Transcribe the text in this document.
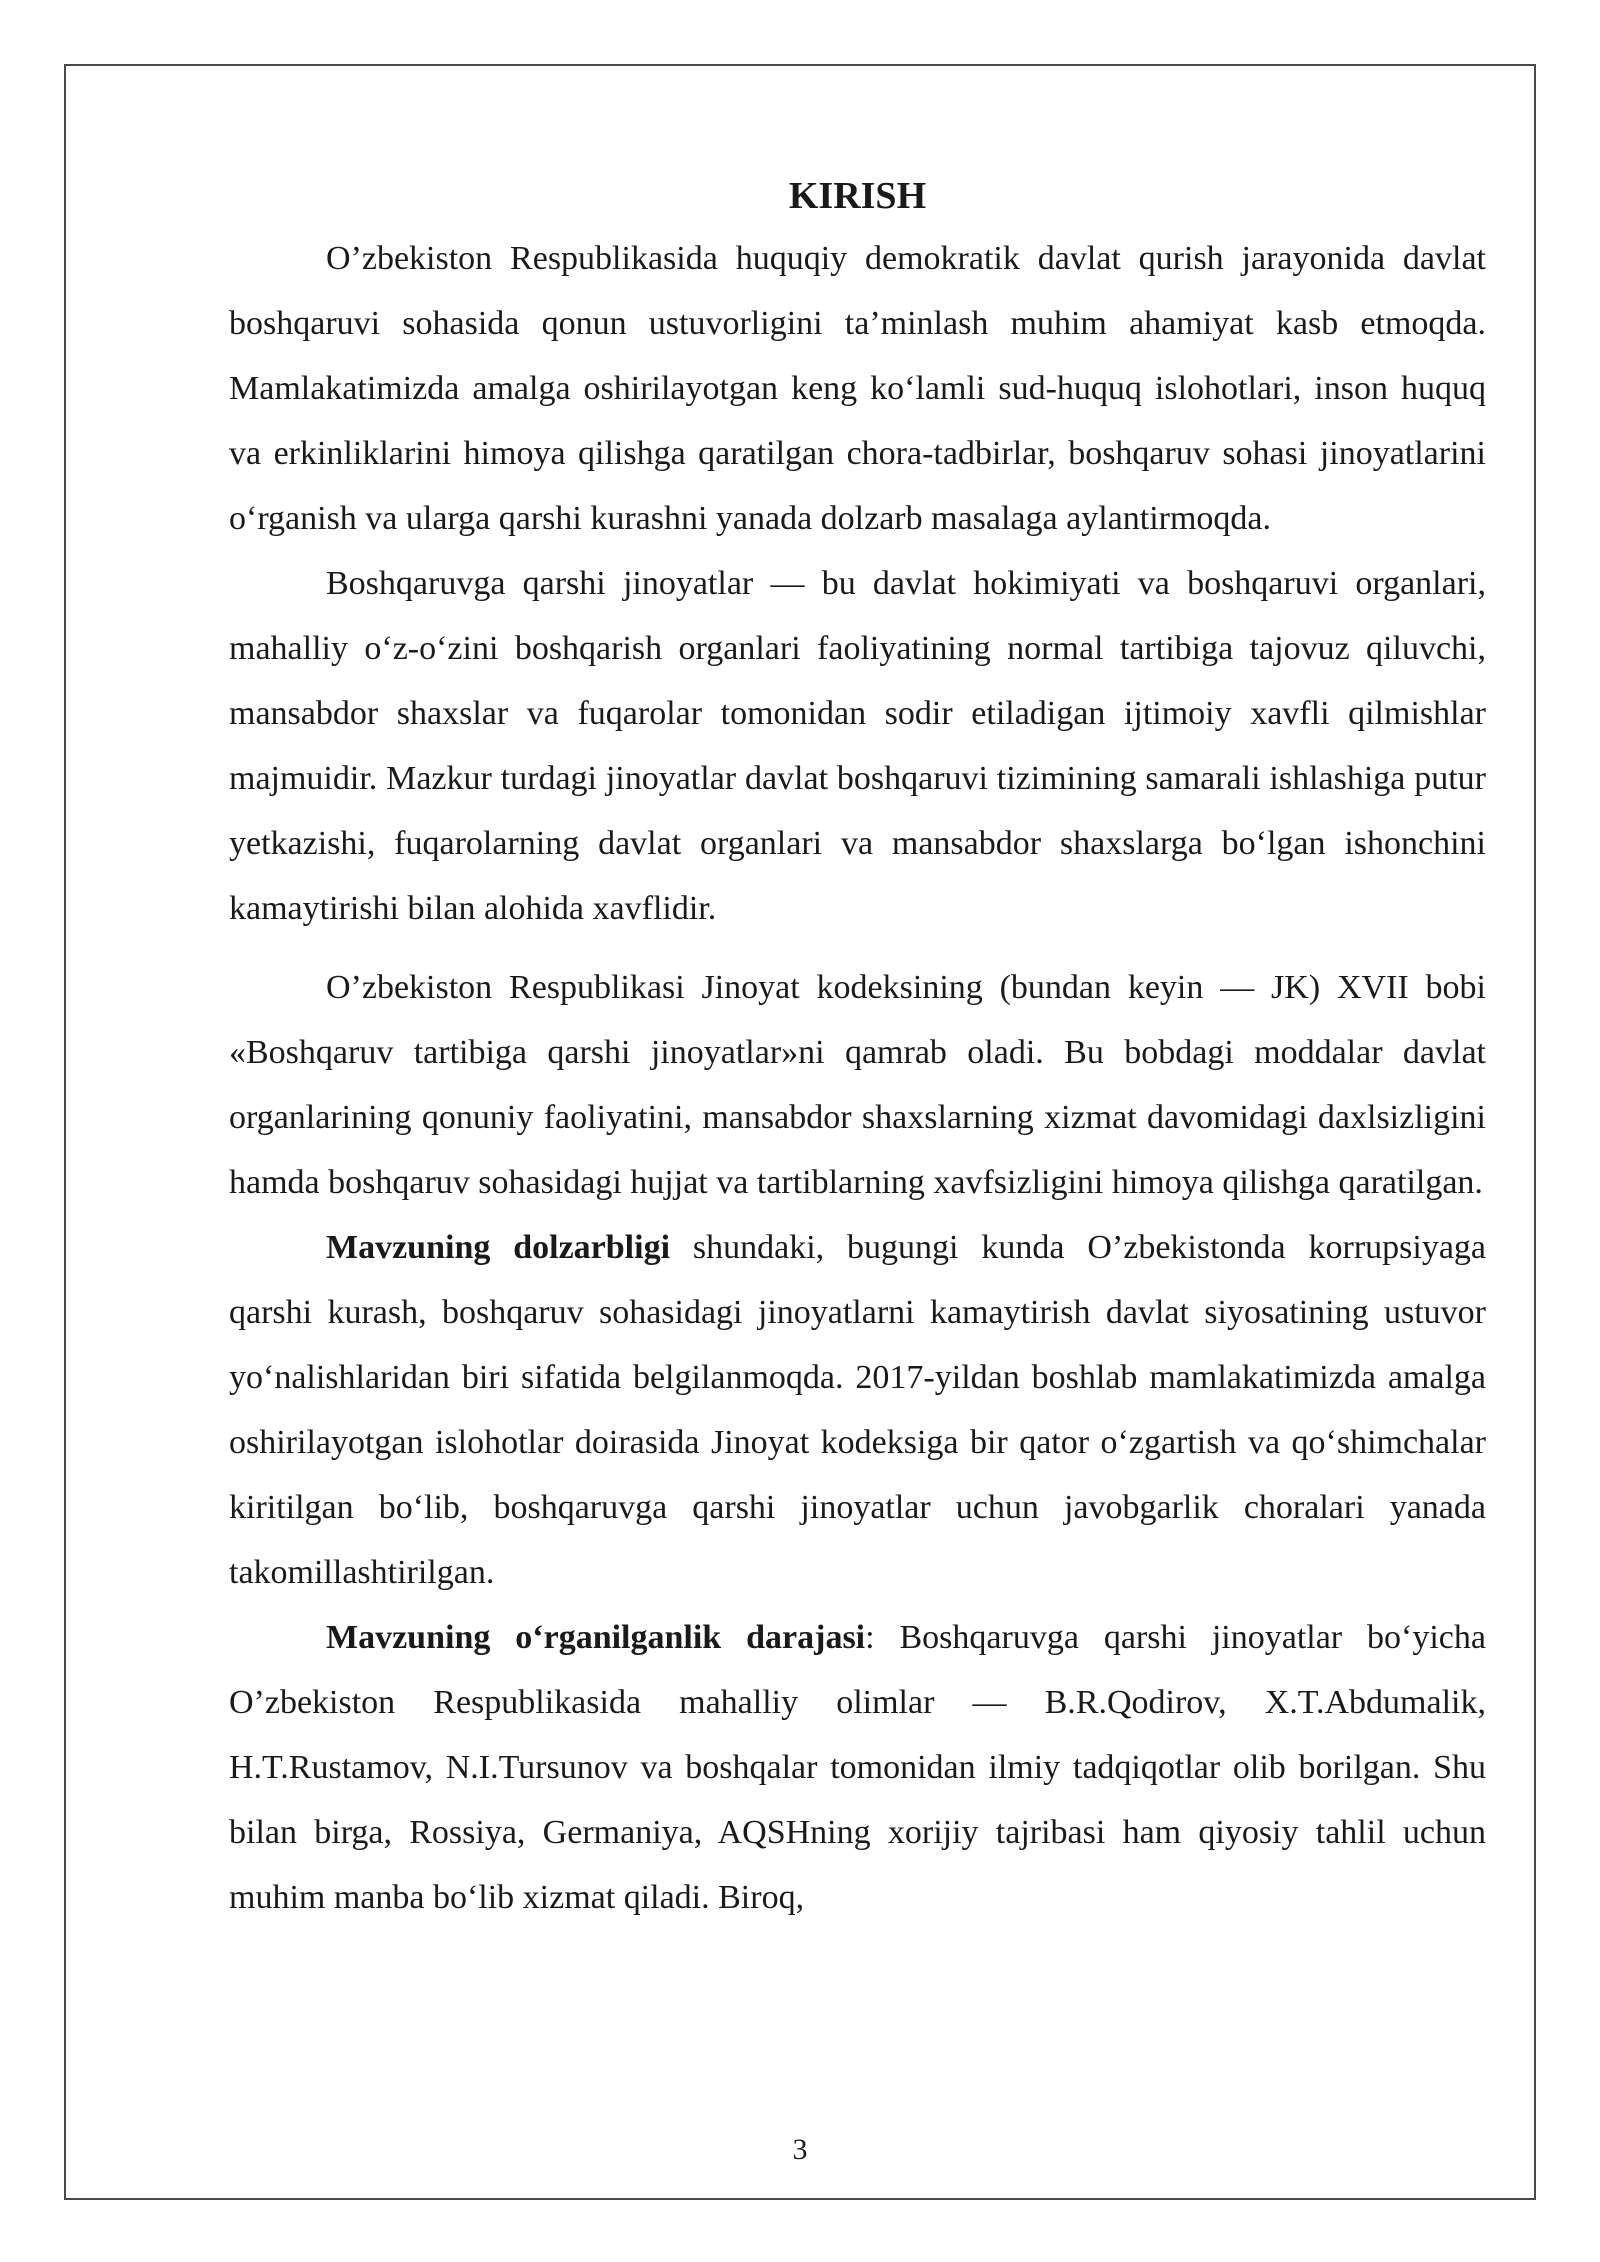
KIRISH

O’zbekiston Respublikasida huquqiy demokratik davlat qurish jarayonida davlat boshqaruvi sohasida qonun ustuvorligini ta’minlash muhim ahamiyat kasb etmoqda. Mamlakatimizda amalga oshirilayotgan keng ko‘lamli sud-huquq islohotlari, inson huquq va erkinliklarini himoya qilishga qaratilgan chora-tadbirlar, boshqaruv sohasi jinoyatlarini o‘rganish va ularga qarshi kurashni yanada dolzarb masalaga aylantirmoqda.

Boshqaruvga qarshi jinoyatlar — bu davlat hokimiyati va boshqaruvi organlari, mahalliy o‘z-o‘zini boshqarish organlari faoliyatining normal tartibiga tajovuz qiluvchi, mansabdor shaxslar va fuqarolar tomonidan sodir etiladigan ijtimoiy xavfli qilmishlar majmuidir. Mazkur turdagi jinoyatlar davlat boshqaruvi tizimining samarali ishlashiga putur yetkazishi, fuqarolarning davlat organlari va mansabdor shaxslarga bo‘lgan ishonchini kamaytirishi bilan alohida xavflidir.

O’zbekiston Respublikasi Jinoyat kodeksining (bundan keyin — JK) XVII bobi «Boshqaruv tartibiga qarshi jinoyatlar»ni qamrab oladi. Bu bobdagi moddalar davlat organlarining qonuniy faoliyatini, mansabdor shaxslarning xizmat davomidagi daxlsizligini hamda boshqaruv sohasidagi hujjat va tartiblarning xavfsizligini himoya qilishga qaratilgan.

Mavzuning dolzarbligi shundaki, bugungi kunda O’zbekistonda korrupsiyaga qarshi kurash, boshqaruv sohasidagi jinoyatlarni kamaytirish davlat siyosatining ustuvor yo‘nalishlaridan biri sifatida belgilanmoqda. 2017-yildan boshlab mamlakatimizda amalga oshirilayotgan islohotlar doirasida Jinoyat kodeksiga bir qator o‘zgartish va qo‘shimchalar kiritilgan bo‘lib, boshqaruvga qarshi jinoyatlar uchun javobgarlik choralari yanada takomillashtirilgan.

Mavzuning o‘rganilganlik darajasi: Boshqaruvga qarshi jinoyatlar bo‘yicha O’zbekiston Respublikasida mahalliy olimlar — B.R.Qodirov, X.T.Abdumalik, H.T.Rustamov, N.I.Tursunov va boshqalar tomonidan ilmiy tadqiqotlar olib borilgan. Shu bilan birga, Rossiya, Germaniya, AQSHning xorijiy tajribasi ham qiyosiy tahlil uchun muhim manba bo‘lib xizmat qiladi. Biroq,

3
